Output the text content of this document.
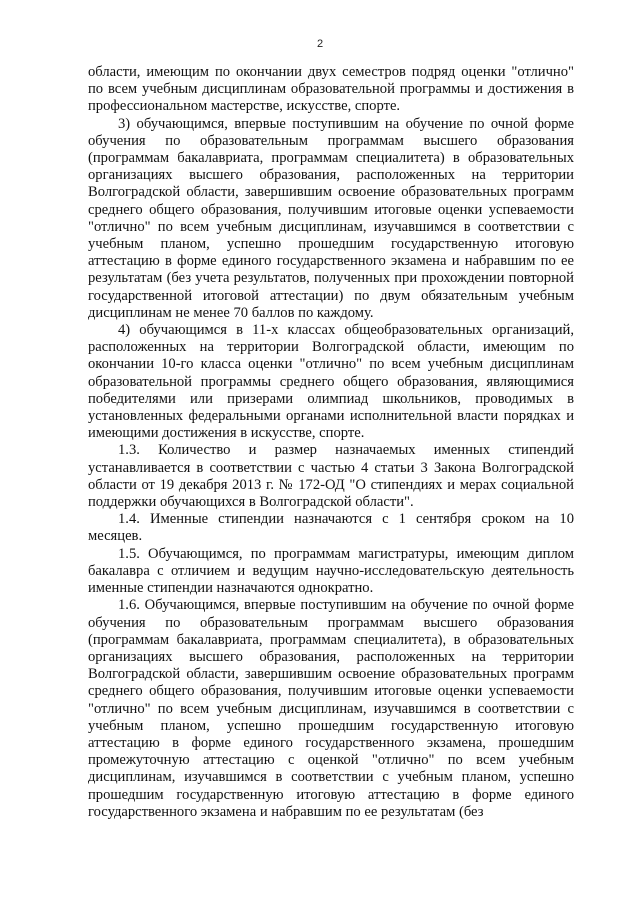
2

области, имеющим по окончании двух семестров подряд оценки "отлично" по всем учебным дисциплинам образовательной программы и достижения в профессиональном мастерстве, искусстве, спорте.

3) обучающимся, впервые поступившим на обучение по очной форме обучения по образовательным программам высшего образования (программам бакалавриата, программам специалитета) в образовательных организациях высшего образования, расположенных на территории Волгоградской области, завершившим освоение образовательных программ среднего общего образования, получившим итоговые оценки успеваемости "отлично" по всем учебным дисциплинам, изучавшимся в соответствии с учебным планом, успешно прошедшим государственную итоговую аттестацию в форме единого государственного экзамена и набравшим по ее результатам (без учета результатов, полученных при прохождении повторной государственной итоговой аттестации) по двум обязательным учебным дисциплинам не менее 70 баллов по каждому.

4) обучающимся в 11-х классах общеобразовательных организаций, расположенных на территории Волгоградской области, имеющим по окончании 10-го класса оценки "отлично" по всем учебным дисциплинам образовательной программы среднего общего образования, являющимися победителями или призерами олимпиад школьников, проводимых в установленных федеральными органами исполнительной власти порядках и имеющими достижения в искусстве, спорте.

1.3. Количество и размер назначаемых именных стипендий устанавливается в соответствии с частью 4 статьи 3 Закона Волгоградской области от 19 декабря 2013 г. № 172-ОД "О стипендиях и мерах социальной поддержки обучающихся в Волгоградской области".

1.4. Именные стипендии назначаются с 1 сентября сроком на 10 месяцев.

1.5. Обучающимся, по программам магистратуры, имеющим диплом бакалавра с отличием и ведущим научно-исследовательскую деятельность именные стипендии назначаются однократно.

1.6. Обучающимся, впервые поступившим на обучение по очной форме обучения по образовательным программам высшего образования (программам бакалавриата, программам специалитета), в образовательных организациях высшего образования, расположенных на территории Волгоградской области, завершившим освоение образовательных программ среднего общего образования, получившим итоговые оценки успеваемости "отлично" по всем учебным дисциплинам, изучавшимся в соответствии с учебным планом, успешно прошедшим государственную итоговую аттестацию в форме единого государственного экзамена, прошедшим промежуточную аттестацию с оценкой "отлично" по всем учебным дисциплинам, изучавшимся в соответствии с учебным планом, успешно прошедшим государственную итоговую аттестацию в форме единого государственного экзамена и набравшим по ее результатам (без
